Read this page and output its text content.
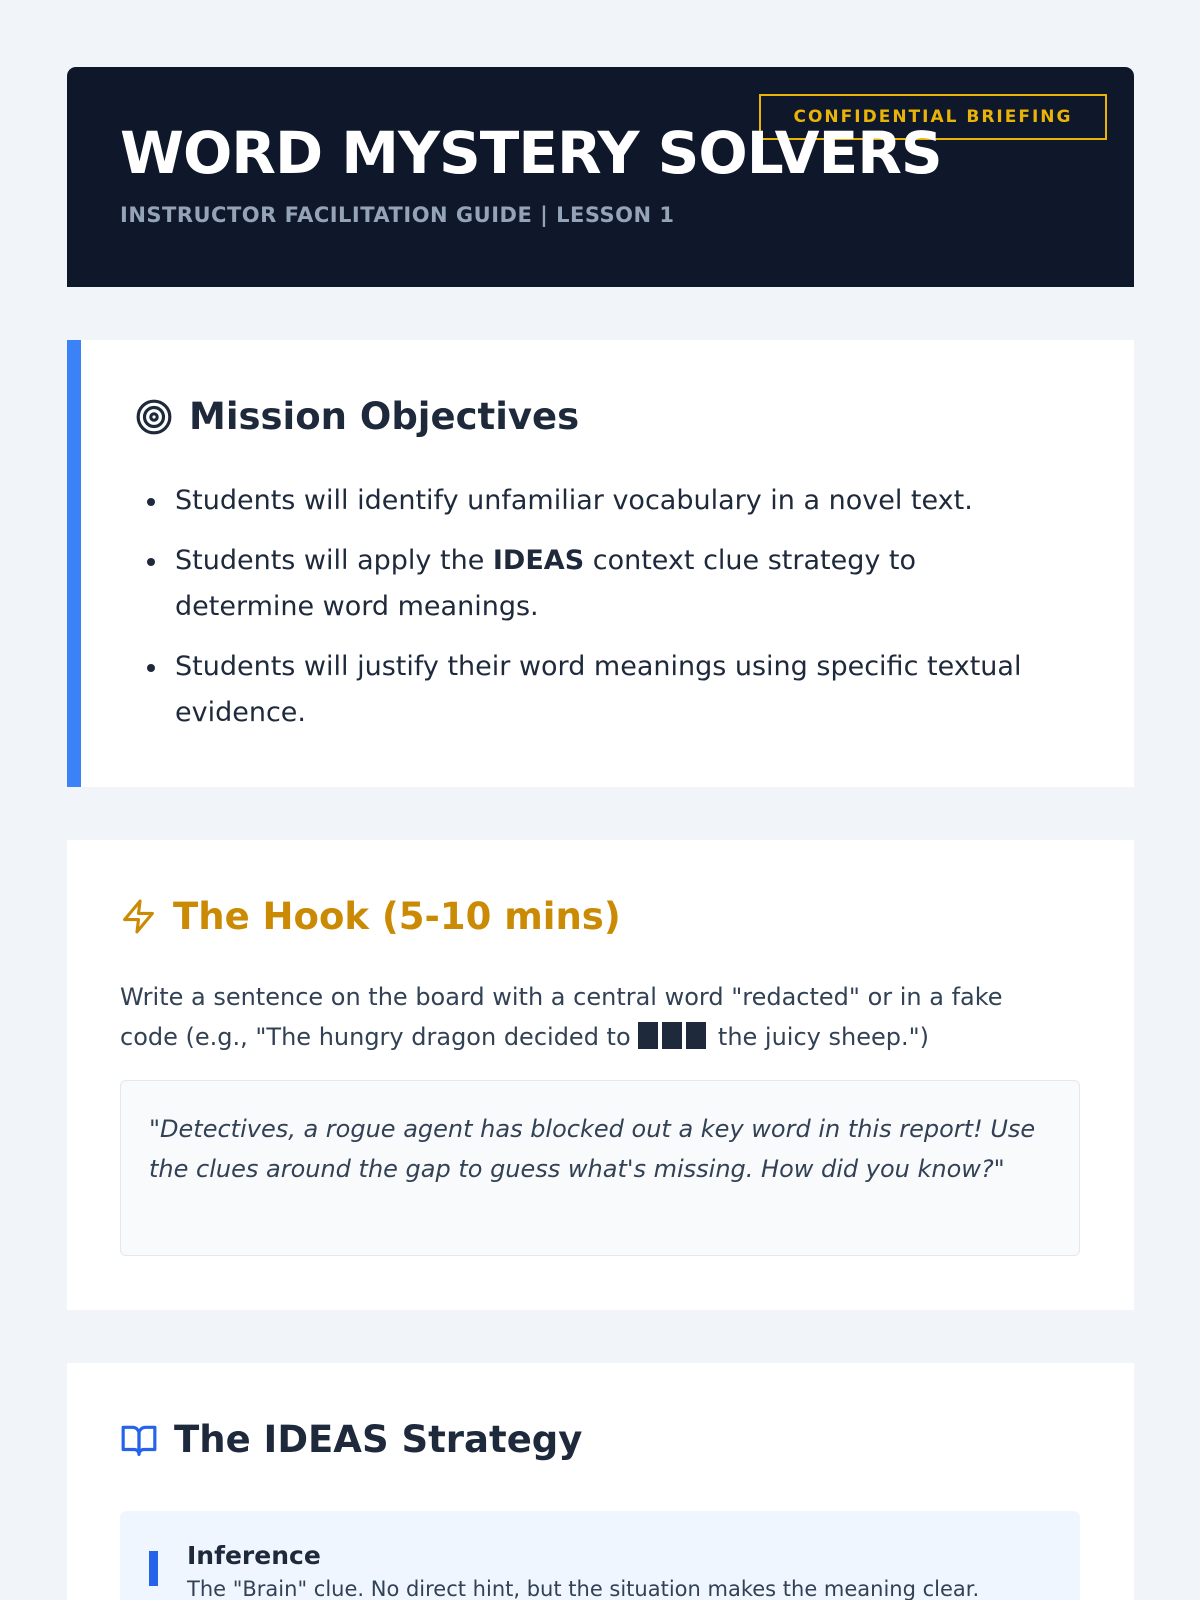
CONFIDENTIAL BRIEFING
WORD MYSTERY SOLVERS
INSTRUCTOR FACILITATION GUIDE | LESSON 1
Mission Objectives
Students will identify unfamiliar vocabulary in a novel text.
Students will apply the IDEAS context clue strategy to determine word meanings.
Students will justify their word meanings using specific textual evidence.
The Hook (5-10 mins)

Write a sentence on the board with a central word "redacted" or in a fake code (e.g., "The hungry dragon decided to	the juicy sheep.")

"Detectives, a rogue agent has blocked out a key word in this report! Use the clues around the gap to guess what's missing. How did you know?"
The IDEAS Strategy
Inference
The "Brain" clue. No direct hint, but the situation makes the meaning clear.
